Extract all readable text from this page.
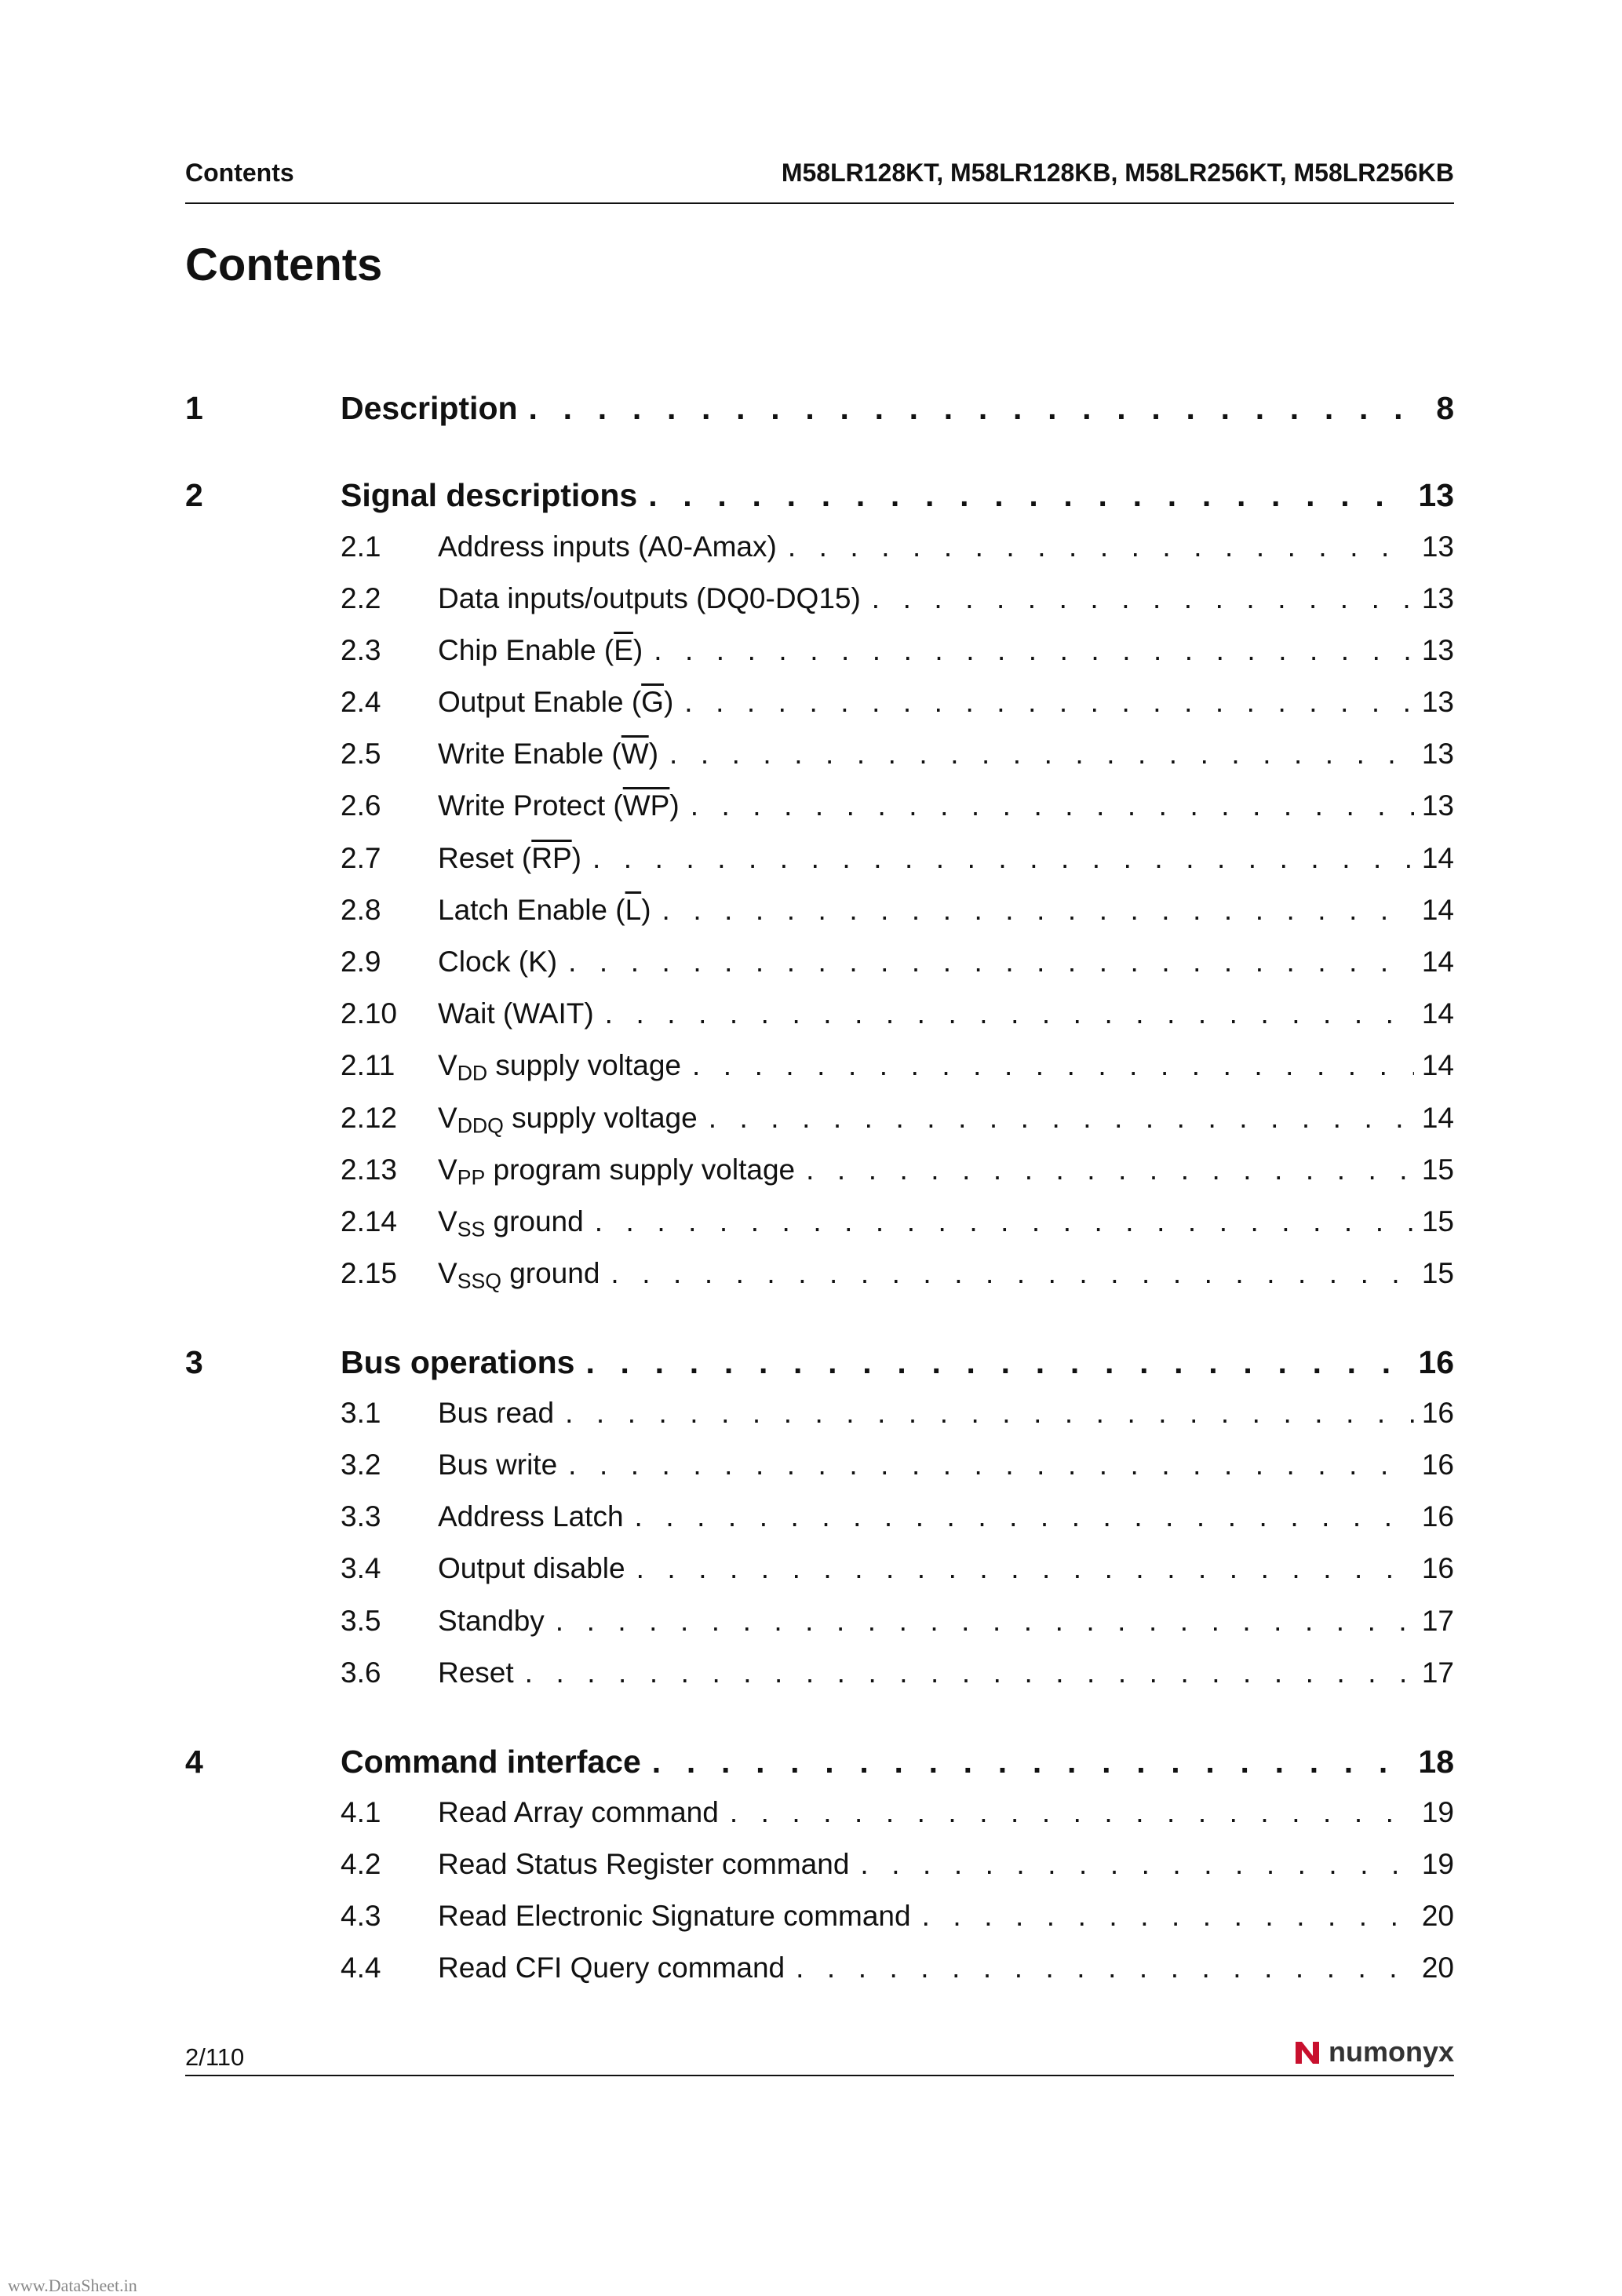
Contents	M58LR128KT, M58LR128KB, M58LR256KT, M58LR256KB
Contents
1	Description . . .	8
2	Signal descriptions . . .	13
2.1	Address inputs (A0-Amax) . . .	13
2.2	Data inputs/outputs (DQ0-DQ15) . . .	13
2.3	Chip Enable $(\overline{E})$ . . .	13
2.4	Output Enable $(\overline{G})$ . . .	13
2.5	Write Enable $(\overline{W})$ . . .	13
2.6	Write Protect $(\overline{WP})$ . . .	13
2.7	Reset $(\overline{RP})$ . . .	14
2.8	Latch Enable $(\overline{L})$ . . .	14
2.9	Clock (K) . . .	14
2.10	Wait (WAIT) . . .	14
2.11	$V_{DD}$ supply voltage . . .	14
2.12	$V_{DDQ}$ supply voltage . . .	14
2.13	$V_{PP}$ program supply voltage . . .	15
2.14	$V_{SS}$ ground . . .	15
2.15	$V_{SSQ}$ ground . . .	15
3	Bus operations . . .	16
3.1	Bus read . . .	16
3.2	Bus write . . .	16
3.3	Address Latch . . .	16
3.4	Output disable . . .	16
3.5	Standby . . .	17
3.6	Reset . . .	17
4	Command interface . . .	18
4.1	Read Array command . . .	19
4.2	Read Status Register command . . .	19
4.3	Read Electronic Signature command . . .	20
4.4	Read CFI Query command . . .	20
2/110	numonyx
www.DataSheet.in
